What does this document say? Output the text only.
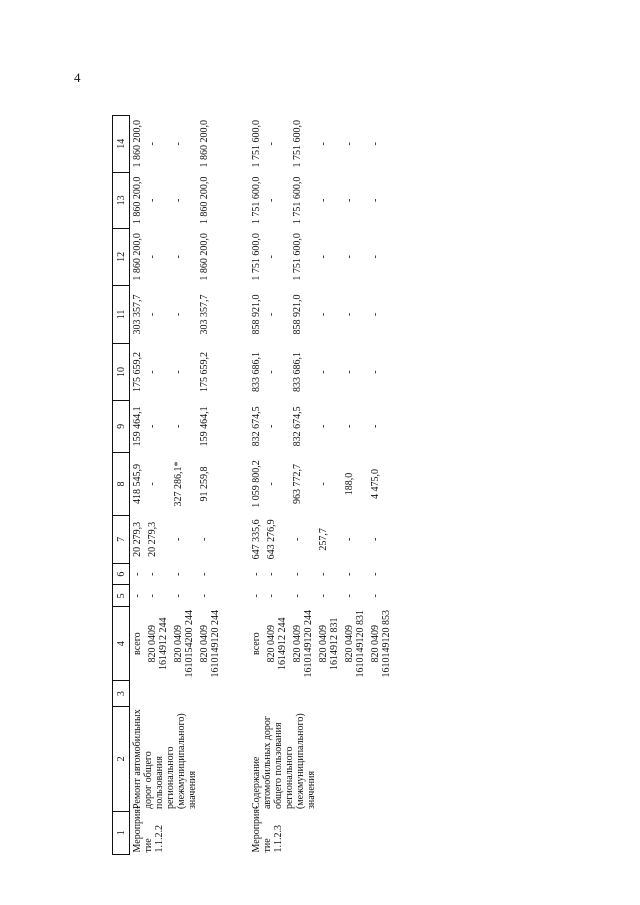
4
1	2	3	4	5	6	7	8	9	10	11	12	13	14
Мероприя-тие 1.1.2.2	Ремонт автомобильных дорог общего пользования регионального (межмуниципального) значения		всего	-	-	20 279,3	418 545,9	159 464,1	175 659,2	303 357,7	1 860 200,0	1 860 200,0	1 860 200,0
			820 0409 1614912 244	-	-	20 279,3	-	-	-	-	-	-	-
			820 0409 1610154200 244	-	-	-	327 286,1*	-	-	-	-	-	-
			820 0409 1610149120 244	-	-	-	91 259,8	159 464,1	175 659,2	303 357,7	1 860 200,0	1 860 200,0	1 860 200,0

Мероприя-тие 1.1.2.3	Содержание автомобильных дорог общего пользования регионального (межмуниципального) значения		всего	-	-	647 335,6	1 059 800,2	832 674,5	833 686,1	858 921,0	1 751 600,0	1 751 600,0	1 751 600,0
			820 0409 1614912 244	-	-	643 276,9	-	-	-	-	-	-	-
			820 0409 1610149120 244	-	-	-	963 772,7	832 674,5	833 686,1	858 921,0	1 751 600,0	1 751 600,0	1 751 600,0
			820 0409 1614912 831	-	-	257,7	-	-	-	-	-	-	-
			820 0409 1610149120 831	-	-	-	188,0	-	-	-	-	-	-
			820 0409 1610149120 853	-	-	-	4 475,0	-	-	-	-	-	-
